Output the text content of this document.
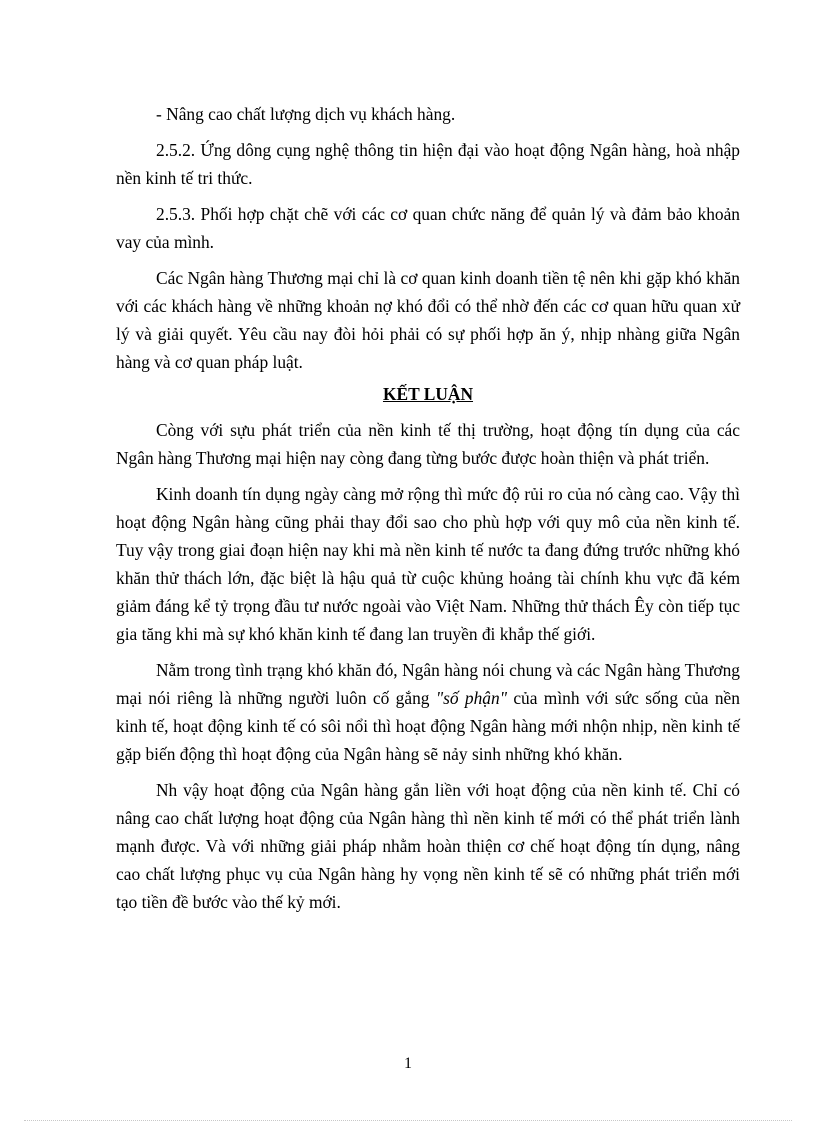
- Nâng cao chất lượng dịch vụ khách hàng.

2.5.2. Ứng dông cụng nghệ thông tin hiện đại vào hoạt động Ngân hàng, hoà nhập nền kinh tế tri thức.

2.5.3. Phối hợp chặt chẽ với các cơ quan chức năng để quản lý và đảm bảo khoản vay của mình.

Các Ngân hàng Thương mại chỉ là cơ quan kinh doanh tiền tệ nên khi gặp khó khăn với các khách hàng về những khoản nợ khó đổi có thể nhờ đến các cơ quan hữu quan xử lý và giải quyết. Yêu cầu nay đòi hỏi phải có sự phối hợp ăn ý, nhịp nhàng giữa Ngân hàng và cơ quan pháp luật.

KẾT LUẬN

Còng với sựu phát triển của nền kinh tế thị trường, hoạt động tín dụng của các Ngân hàng Thương mại hiện nay còng đang từng bước được hoàn thiện và phát triển.

Kinh doanh tín dụng ngày càng mở rộng thì mức độ rủi ro của nó càng cao. Vậy thì hoạt động Ngân hàng cũng phải thay đổi sao cho phù hợp với quy mô của nền kinh tế. Tuy vậy trong giai đoạn hiện nay khi mà nền kinh tế nước ta đang đứng trước những khó khăn thử thách lớn, đặc biệt là hậu quả từ cuộc khủng hoảng tài chính khu vực đã kém giảm đáng kể tỷ trọng đầu tư nước ngoài vào Việt Nam. Những thử thách Êy còn tiếp tục gia tăng khi mà sự khó khăn kinh tế đang lan truyền đi khắp thế giới.

Nằm trong tình trạng khó khăn đó, Ngân hàng nói chung và các Ngân hàng Thương mại nói riêng là những người luôn cố gắng "số phận" của mình với sức sống của nền kinh tế, hoạt động kinh tế có sôi nổi thì hoạt động Ngân hàng mới nhộn nhịp, nền kinh tế gặp biến động thì hoạt động của Ngân hàng sẽ nảy sinh những khó khăn.

Nh vậy hoạt động của Ngân hàng gắn liền với hoạt động của nền kinh tế. Chỉ có nâng cao chất lượng hoạt động của Ngân hàng thì nền kinh tế mới có thể phát triển lành mạnh được. Và với những giải pháp nhằm hoàn thiện cơ chế hoạt động tín dụng, nâng cao chất lượng phục vụ của Ngân hàng hy vọng nền kinh tế sẽ có những phát triển mới tạo tiền đề bước vào thế kỷ mới.

1
